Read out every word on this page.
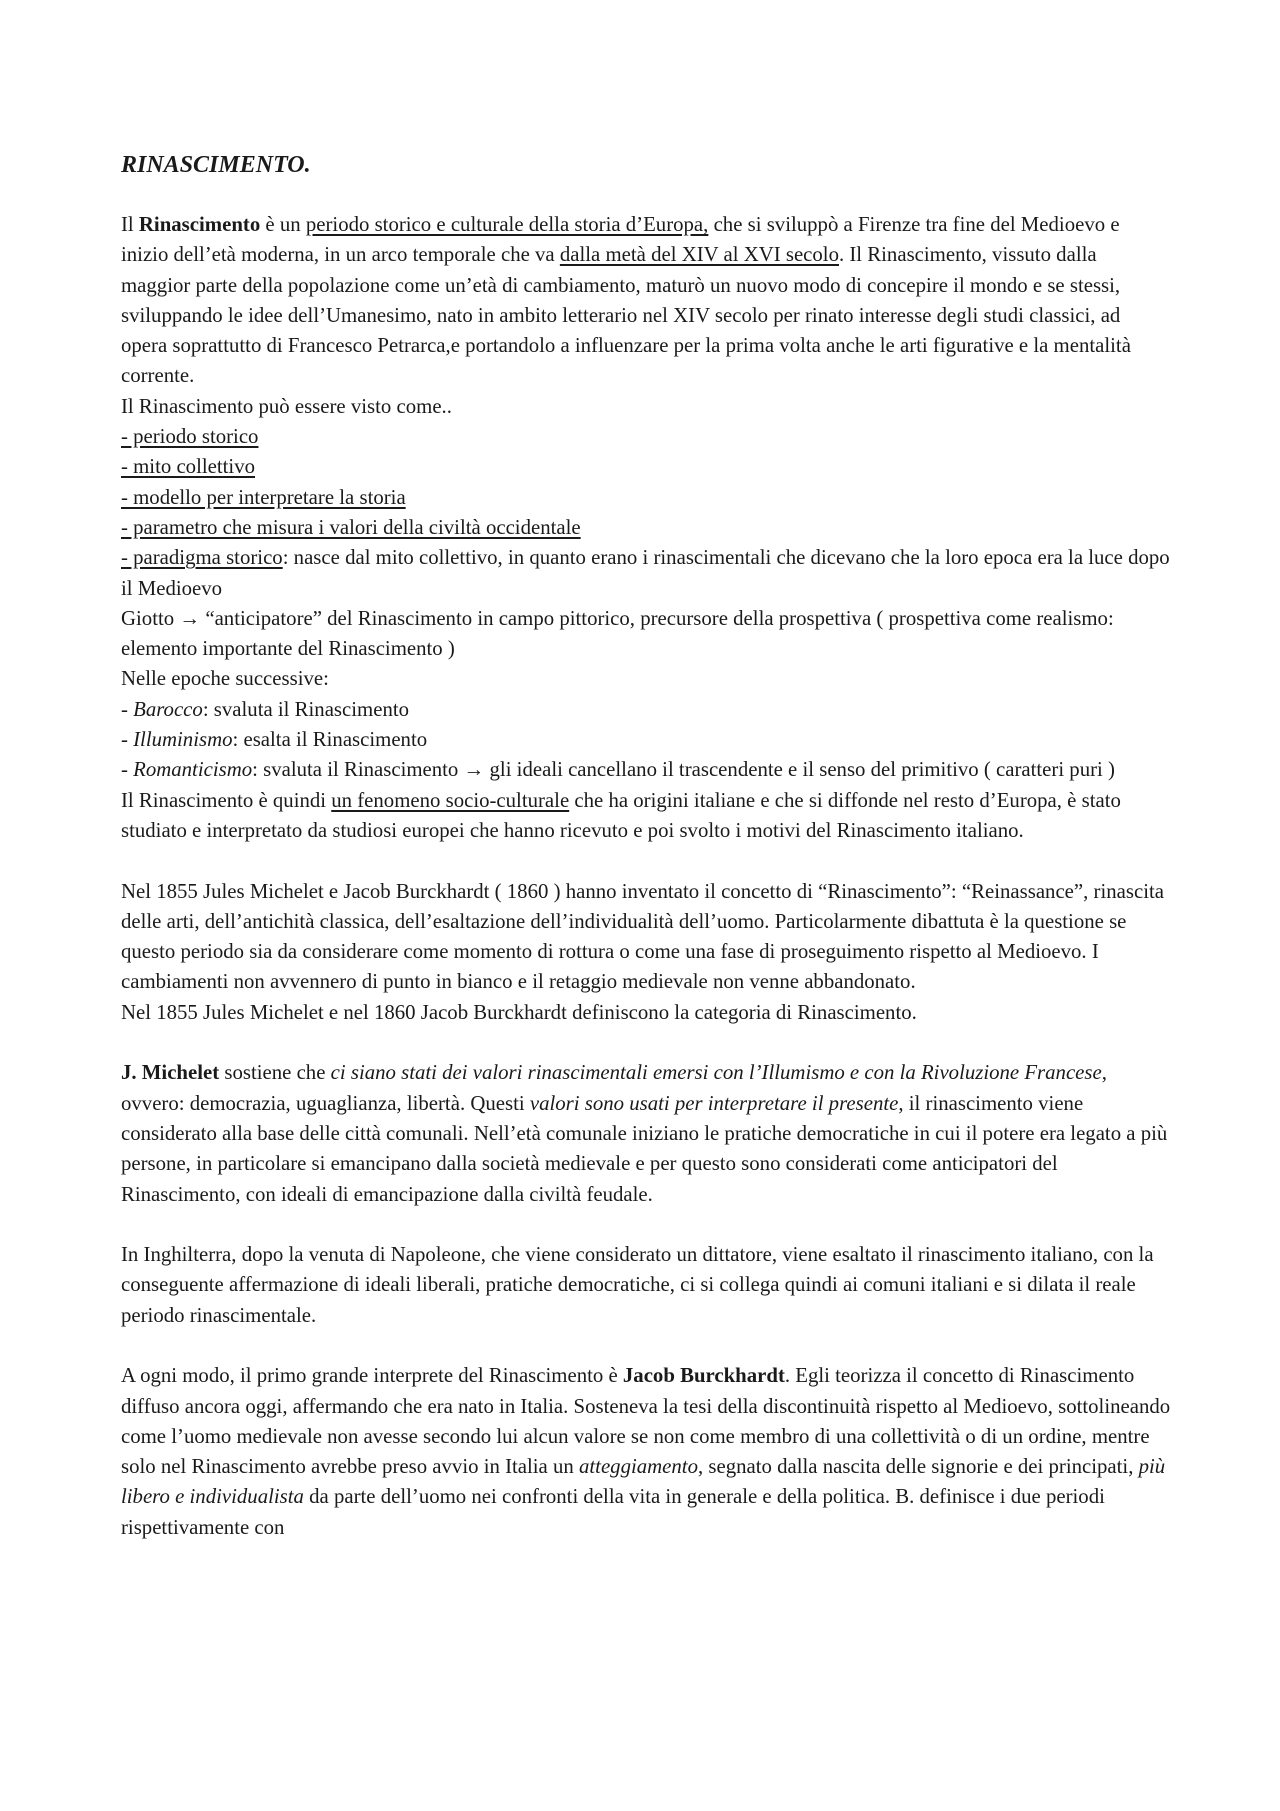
RINASCIMENTO.

Il Rinascimento è un periodo storico e culturale della storia d’Europa, che si sviluppò a Firenze tra fine del Medioevo e inizio dell’età moderna, in un arco temporale che va dalla metà del XIV al XVI secolo. Il Rinascimento, vissuto dalla maggior parte della popolazione come un’età di cambiamento, maturò un nuovo modo di concepire il mondo e se stessi, sviluppando le idee dell’Umanesimo, nato in ambito letterario nel XIV secolo per rinato interesse degli studi classici, ad opera soprattutto di Francesco Petrarca,e portandolo a influenzare per la prima volta anche le arti figurative e la mentalità corrente.

Il Rinascimento può essere visto come..

- periodo storico

- mito collettivo

- modello per interpretare la storia

- parametro che misura i valori della civiltà occidentale

- paradigma storico: nasce dal mito collettivo, in quanto erano i rinascimentali che dicevano che la loro epoca era la luce dopo il Medioevo

Giotto → “anticipatore” del Rinascimento in campo pittorico, precursore della prospettiva ( prospettiva come realismo: elemento importante del Rinascimento )

Nelle epoche successive:

- Barocco: svaluta il Rinascimento

- Illuminismo: esalta il Rinascimento

- Romanticismo: svaluta il Rinascimento → gli ideali cancellano il trascendente e il senso del primitivo ( caratteri puri )

Il Rinascimento è quindi un fenomeno socio-culturale che ha origini italiane e che si diffonde nel resto d’Europa, è stato studiato e interpretato da studiosi europei che hanno ricevuto e poi svolto i motivi del Rinascimento italiano.

Nel 1855 Jules Michelet e Jacob Burckhardt ( 1860 ) hanno inventato il concetto di “Rinascimento”: “Reinassance”, rinascita delle arti, dell’antichità classica, dell’esaltazione dell’individualità dell’uomo. Particolarmente dibattuta è la questione se questo periodo sia da considerare come momento di rottura o come una fase di proseguimento rispetto al Medioevo. I cambiamenti non avvennero di punto in bianco e il retaggio medievale non venne abbandonato.

Nel 1855 Jules Michelet e nel 1860 Jacob Burckhardt definiscono la categoria di Rinascimento.

J. Michelet sostiene che ci siano stati dei valori rinascimentali emersi con l’Illumismo e con la Rivoluzione Francese, ovvero: democrazia, uguaglianza, libertà. Questi valori sono usati per interpretare il presente, il rinascimento viene considerato alla base delle città comunali. Nell’età comunale iniziano le pratiche democratiche in cui il potere era legato a più persone, in particolare si emancipano dalla società medievale e per questo sono considerati come anticipatori del Rinascimento, con ideali di emancipazione dalla civiltà feudale.

In Inghilterra, dopo la venuta di Napoleone, che viene considerato un dittatore, viene esaltato il rinascimento italiano, con la conseguente affermazione di ideali liberali, pratiche democratiche, ci si collega quindi ai comuni italiani e si dilata il reale periodo rinascimentale.

A ogni modo, il primo grande interprete del Rinascimento è Jacob Burckhardt. Egli teorizza il concetto di Rinascimento diffuso ancora oggi, affermando che era nato in Italia. Sosteneva la tesi della discontinuità rispetto al Medioevo, sottolineando come l’uomo medievale non avesse secondo lui alcun valore se non come membro di una collettività o di un ordine, mentre solo nel Rinascimento avrebbe preso avvio in Italia un atteggiamento, segnato dalla nascita delle signorie e dei principati, più libero e individualista da parte dell’uomo nei confronti della vita in generale e della politica. B. definisce i due periodi rispettivamente con
